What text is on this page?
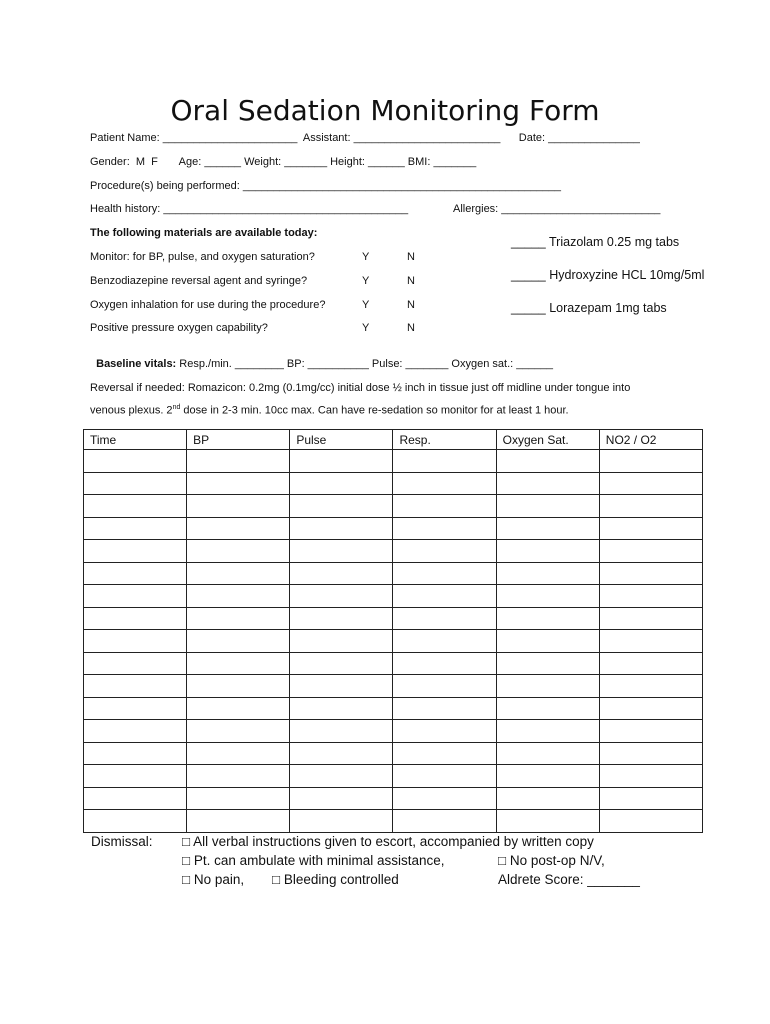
Oral Sedation Monitoring Form
Patient Name: ______________________  Assistant: ________________________      Date: _______________
Gender:  M  F       Age: ______ Weight: _______ Height: ______ BMI: _______
Procedure(s) being performed: ____________________________________________________
Health history: ________________________________________	Allergies: __________________________
The following materials are available today:
Monitor: for BP, pulse, and oxygen saturation?	Y	N
Benzodiazepine reversal agent and syringe?	Y	N
Oxygen inhalation for use during the procedure?	Y	N
Positive pressure oxygen capability?	Y	N
_____ Triazolam 0.25 mg tabs
_____ Hydroxyzine HCL 10mg/5ml
_____ Lorazepam 1mg tabs

Baseline vitals: Resp./min. ________ BP: __________ Pulse: _______ Oxygen sat.: ______

Reversal if needed: Romazicon: 0.2mg (0.1mg/cc) initial dose ½ inch in tissue just off midline under tongue into
venous plexus. 2nd dose in 2-3 min. 10cc max. Can have re-sedation so monitor for at least 1 hour.
Time	BP	Pulse	Resp.	Oxygen Sat.	NO2 / O2

Dismissal: □ All verbal instructions given to escort, accompanied by written copy
□ Pt. can ambulate with minimal assistance,	□ No post-op N/V,
□ No pain, □ Bleeding controlled	Aldrete Score: _______
